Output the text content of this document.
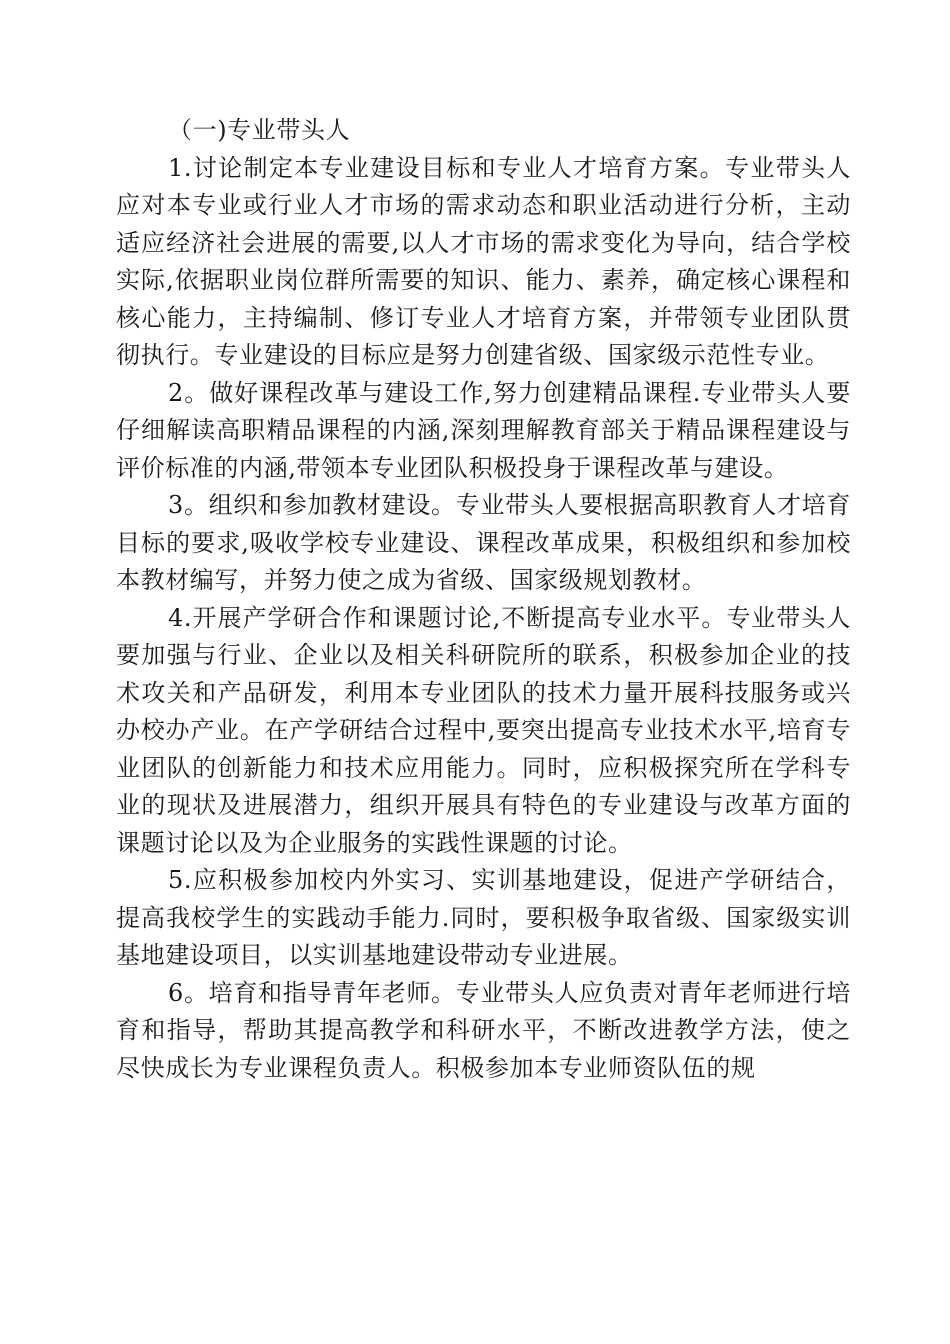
（一)专业带头人

1.讨论制定本专业建设目标和专业人才培育方案。专业带头人应对本专业或行业人才市场的需求动态和职业活动进行分析，主动适应经济社会进展的需要,以人才市场的需求变化为导向，结合学校实际,依据职业岗位群所需要的知识、能力、素养，确定核心课程和核心能力，主持编制、修订专业人才培育方案，并带领专业团队贯彻执行。专业建设的目标应是努力创建省级、国家级示范性专业。

2。做好课程改革与建设工作,努力创建精品课程.专业带头人要仔细解读高职精品课程的内涵,深刻理解教育部关于精品课程建设与评价标准的内涵,带领本专业团队积极投身于课程改革与建设。

3。组织和参加教材建设。专业带头人要根据高职教育人才培育目标的要求,吸收学校专业建设、课程改革成果，积极组织和参加校本教材编写，并努力使之成为省级、国家级规划教材。

4.开展产学研合作和课题讨论,不断提高专业水平。专业带头人要加强与行业、企业以及相关科研院所的联系，积极参加企业的技术攻关和产品研发，利用本专业团队的技术力量开展科技服务或兴办校办产业。在产学研结合过程中,要突出提高专业技术水平,培育专业团队的创新能力和技术应用能力。同时，应积极探究所在学科专业的现状及进展潜力，组织开展具有特色的专业建设与改革方面的课题讨论以及为企业服务的实践性课题的讨论。

5.应积极参加校内外实习、实训基地建设，促进产学研结合，提高我校学生的实践动手能力.同时，要积极争取省级、国家级实训基地建设项目，以实训基地建设带动专业进展。

6。培育和指导青年老师。专业带头人应负责对青年老师进行培育和指导，帮助其提高教学和科研水平，不断改进教学方法，使之尽快成长为专业课程负责人。积极参加本专业师资队伍的规
